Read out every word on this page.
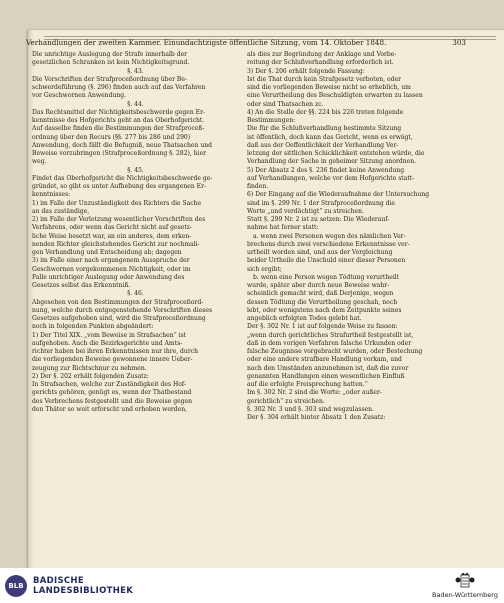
Verhandlungen der zweiten Kammer. Einundachtzigste öffentliche Sitzung, vom 14. Oktober 1848.	303
Die unrichtige Auslegung der Strafe innerhalb der
gesetzlichen Schranken ist kein Nichtigkeitsgrund.
§. 43.
Die Vorschriften der Strafproceßordnung über Be-
schwerdeführung (§. 296) finden auch auf das Verfahren
vor Geschwornen Anwendung.
§. 44.
Das Rechtsmittel der Nichtigkeitsbeschwerde gegen Er-
kenntnisse des Hofgerichts geht an das Oberhofgericht.
Auf dasselbe finden die Bestimmungen der Strafproceß-
ordnung über den Recurs (§§. 277 bis 286 und 290)
Anwendung, doch fällt die Befugniß, neue Thatsachen und
Beweise vorzubringen (Strafproceßordnung §. 282), hier
weg.
§. 45.
Findet das Oberhofgericht die Nichtigkeitsbeschwerde ge-
gründet, so gibt es unter Aufhebung des ergangenen Er-
kenntnisses:
1) im Falle der Unzuständigkeit des Richters die Sache
an das zuständige,
2) im Falle der Verletzung wesentlicher Vorschriften des
Verfahrens, oder wenn das Gericht nicht auf gesetz-
liche Weise besetzt war, an ein anderes, dem erken-
nenden Richter gleichstehendes Gericht zur nochmali-
gen Verhandlung und Entscheidung ab; dagegen
3) im Falle einer nach ergangenem Ausspruche der
Geschwornen vorgekommenen Nichtigkeit, oder im
Falle unrichtiger Auslegung oder Anwendung des
Gesetzes selbst das Erkenntniß.
§. 46.
Abgesehen von den Bestimmungen der Strafproceßord-
nung, welche durch entgegenstehende Vorschriften dieses
Gesetzes aufgehoben sind, wird die Strafproceßordnung
noch in folgenden Punkten abgeändert:
1) Der Titel XIX. „vom Beweise in Strafsachen“ ist
aufgehoben. Auch die Bezirksgerichte und Amts-
richter haben bei ihren Erkenntnissen nur ihre, durch
die vorliegenden Beweise gewonnene innere Ueber-
zeugung zur Richtschnur zu nehmen.
2) Der §. 202 erhält folgenden Zusatz:
In Strafsachen, welche zur Zuständigkeit des Hof-
gerichts gehören, genügt es, wenn der Thatbestand
des Verbrechens festgestellt und die Beweise gegen
den Thäter so weit erforscht und erhoben werden,
als dies zur Begründung der Anklage und Vorbe-
reitung der Schlußverhandlung erforderlich ist.
3) Der §. 206 erhält folgende Fassung:
Ist die That durch kein Strafgesetz verboten, oder
sind die vorliegenden Beweise nicht so erheblich, um
eine Verurtheilung des Beschuldigten erwarten zu lassen
oder sind Thatsachen zc.
4) An die Stelle der §§. 224 bis 226 treten folgende
Bestimmungen:
Die für die Schlußverhandlung bestimmte Sitzung
ist öffentlich, doch kann das Gericht, wenn es erwägt,
daß aus der Oeffentlichkeit der Verhandlung Ver-
letzung der sittlichen Schicklichkeit entstehen würde, die
Verhandlung der Sache in geheimer Sitzung anordnen.
5) Der Absatz 2 des §. 236 findet keine Anwendung
auf Verhandlungen, welche vor dem Hofgerichte statt-
finden.
6) Der Eingang auf die Wiederaufnahme der Untersuchung
sind im §. 299 Nr. 1 der Strafproceßordnung die
Worte „und verdächtigt“ zu streichen.
Statt §. 299 Nr. 2 ist zu setzen: Die Wiederauf-
nahme hat ferner statt:
a. wenn zwei Personen wegen des nämlichen Ver-
brechens durch zwei verschiedene Erkenntnisse ver-
urtheilt worden sind, und aus der Vergleichung
beider Urtheile die Unschuld einer dieser Personen
sich ergibt;
b. wenn eine Person wegen Tödtung verurtheilt
wurde, später aber durch neue Beweise wahr-
scheinlich gemacht wird, daß Derjenige, wegen
dessen Tödtung die Verurtheilung geschah, noch
lebt, oder wenigstens nach dem Zeitpunkte seines
angeblich erfolgten Todes gelebt hat.
Der §. 302 Nr. 1 ist auf folgende Weise zu fassen:
„wenn durch gerichtliches Strafurtheil festgestellt ist,
daß in dem vorigen Verfahren falsche Urkunden oder
falsche Zeugnisse vorgebracht wurden, oder Bestechung
oder eine andere strafbare Handlung vorkam, und
nach den Umständen anzunehmen ist, daß die zuvor
genannten Handlungen einen wesentlichen Einfluß
auf die erfolgte Freisprechung hatten.“
Im §. 302 Nr. 2 sind die Worte: „oder außer-
gerichtlich“ zu streichen.
§. 302 Nr. 3 und §. 303 sind wegzulassen.
Der §. 304 erhält hinter Absatz 1 den Zusatz:
BLB	BADISCHE
LANDESBIBLIOTHEK	Baden-Württemberg
